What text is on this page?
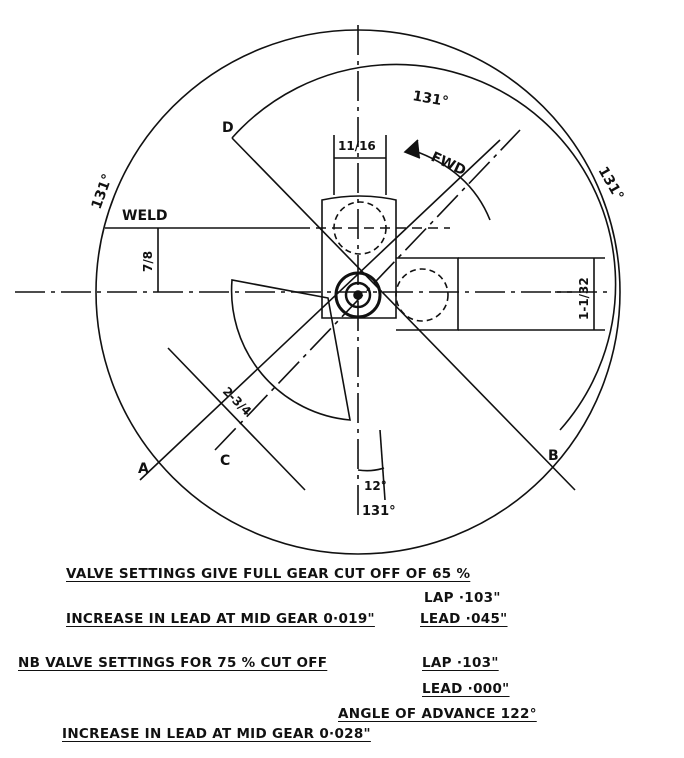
131°
131°
131°
131°
12°
WELD
FWD
A
B
C
D
11/16
7/8
1-1/32
2-3/4
VALVE SETTINGS GIVE FULL GEAR CUT OFF OF 65 %
LAP ·103"
INCREASE IN LEAD AT MID GEAR 0·019"	LEAD ·045"
NB VALVE SETTINGS FOR 75 % CUT OFF	LAP ·103"
LEAD ·000"
ANGLE OF ADVANCE 122°
INCREASE IN LEAD AT MID GEAR 0·028"
